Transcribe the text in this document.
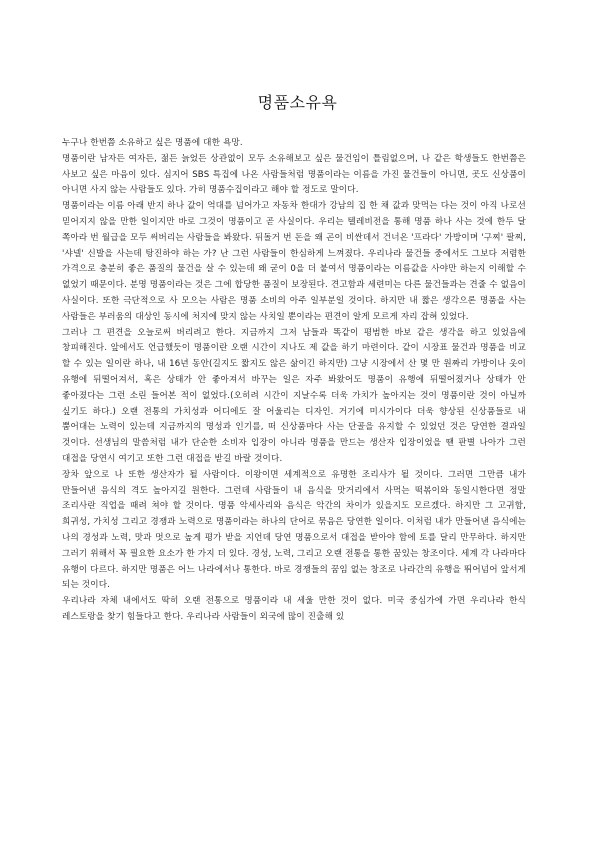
명품소유욕

누구나 한번쯤 소유하고 싶은 명품에 대한 욕망.

명품이란 남자든 여자든, 젊든 늙었든 상관없이 모두 소유해보고 싶은 물건임이 틀림없으며, 나 같은 학생들도 한번쯤은 사보고 싶은 마음이 있다. 심지어 SBS 특집에 나온 사람들처럼 명품이라는 이름을 가진 물건들이 아니면, 곳도 신상품이 아니면 사지 않는 사람들도 있다. 가히 명품수집이라고 해야 할 정도로 말이다.

명품이라는 이름 아래 반지 하나 값이 억대를 넘어가고 자동차 한대가 강남의 집 한 채 값과 맞먹는 다는 것이 아직 나로선 믿어지지 않을 만한 일이지만 바로 그것이 명품이고 곧 사실이다. 우리는 텔레비전을 통해 명품 하나 사는 것에 한두 달 쪽아라 번 월급을 모두 써버리는 사람들을 봐왔다. 뒤돌거 번 돈을 왜 곤이 비싼데서 건너온 '프라다' 가방이며 '구찌' 팔찌, '샤넬' 신발을 사는데 탕진하야 하는 가? 난 그런 사람들이 한심하게 느껴졌다. 우리나라 물건들 중에서도 그보다 저렴한 가격으로 충분히 좋은 품질의 물건을 살 수 있는데 왜 굳이 0을 더 붙여서 명품이라는 이름값을 사야만 하는지 이해할 수 없었기 때문이다. 분명 명품이라는 것은 그에 합당한 품질이 보장된다. 견고함과 세련미는 다른 물건들과는 견줄 수 없음이 사실이다. 또한 극단적으로 사 모으는 사람은 명품 소비의 아주 일부분일 것이다. 하지만 내 짧은 생각으론 명품을 사는 사람들은 부러움의 대상인 동시에 처지에 맞지 않는 사치일 뿐이라는 편견이 알게 모르게 자리 잡혀 있었다.

그러나 그 편견을 오늘로써 버리려고 한다. 지금까지 그저 남들과 똑같이 평범한 바보 같은 생각을 하고 있었음에 창피해진다. 앞에서도 언급했듯이 명품이란 오랜 시간이 지나도 제 값을 하기 마련이다. 같이 시장표 물건과 명품을 비교 할 수 있는 일이란 하나, 내 16년 동안(길지도 짧지도 않은 삶이긴 하지만) 그냥 시장에서 산 몇 만 원짜리 가방이나 옷이 유행에 뒤떨어져서, 혹은 상태가 안 좋아져서 바꾸는 일은 자주 봐왔어도 명품이 유행에 뒤떨어졌거나 상태가 안 좋아졌다는 그런 소린 들어본 적이 없었다.(오히려 시간이 지날수록 더욱 가치가 높아지는 것이 명품이란 것이 아닐까 싶기도 하다.) 오랜 전통의 가치성과 어디에도 잘 어울리는 디자인. 거기에 미시가이다 더욱 향상된 신상품들로 내 뿜어대는 노력이 있는데 지금까지의 명성과 인기를, 떠 신상품마다 사는 단골을 유지할 수 있었던 것은 당연한 결과일 것이다. 선생님의 말씀처럼 내가 단순한 소비자 입장이 아니라 명품을 만드는 생산자 입장이었을 땐 판별 나아가 그런 대접을 당연시 여기고 또한 그런 대접을 받길 바랄 것이다.

장차 앞으로 나 또한 생산자가 될 사람이다. 이왕이면 세계적으로 유명한 조리사가 될 것이다. 그러면 그만큼 내가 만들어낸 음식의 격도 높아지길 원한다. 그런데 사람들이 내 음식을 맛거리에서 사먹는 떡볶이와 동일시한다면 정말 조리사란 직업을 때려 쳐야 할 것이다. 명품 악세사리와 음식은 악간의 차이가 있을지도 모르겠다. 하지만 그 고귀함, 희귀성, 가치성 그리고 경쟁과 노력으로 명품이라는 하나의 단어로 묶음은 당연한 일이다. 이처럼 내가 만들어낸 음식에는 나의 경성과 노력, 맛과 멋으로 높게 평가 받을 지언데 당연 명품으로서 대접을 받아야 함에 토를 달리 만무하다. 하지만 그러기 위해서 꼭 필요한 요소가 한 가지 더 있다. 경성, 노력, 그리고 오랜 전통을 통한 꿈있는 창조이다. 세계 각 나라마다 유행이 다르다. 하지만 명품은 어느 나라에서나 통한다. 바로 경쟁들의 꿈임 없는 창조로 나라간의 유행을 뛰어넘어 앞서게 되는 것이다.

우리나라 자체 내에서도 딱히 오랜 전통으로 명품이라 내 세울 만한 것이 없다. 미국 중심가에 가면 우리나라 한식 레스토랑을 찾기 힘들다고 한다. 우리나라 사람들이 외국에 많이 진출해 있
